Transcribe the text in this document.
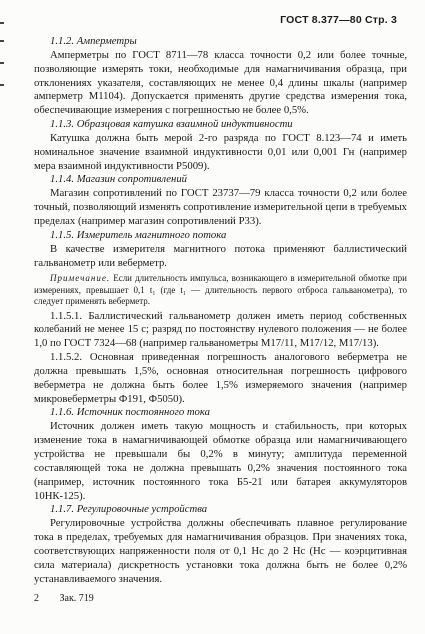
ГОСТ 8.377—80 Стр. 3

1.1.2. Амперметры

Амперметры по ГОСТ 8711—78 класса точности 0,2 или более точные, позволяющие измерять токи, необходимые для намагничивания образца, при отклонениях указателя, составляющих не менее 0,4 длины шкалы (например амперметр М1104). Допускается применять другие средства измерения тока, обеспечивающие измерения с погрешностью не более 0,5%.

1.1.3. Образцовая катушка взаимной индуктивности

Катушка должна быть мерой 2-го разряда по ГОСТ 8.123—74 и иметь номинальное значение взаимной индуктивности 0,01 или 0,001 Гн (например мера взаимной индуктивности Р5009).

1.1.4. Магазин сопротивлений

Магазин сопротивлений по ГОСТ 23737—79 класса точности 0,2 или более точный, позволяющий изменять сопротивление измерительной цепи в требуемых пределах (например магазин сопротивлений Р33).

1.1.5. Измеритель магнитного потока

В качестве измерителя магнитного потока применяют баллистический гальванометр или веберметр.

Примечание. Если длительность импульса, возникающего в измерительной обмотке при измерениях, превышает 0,1 t₁ (где t₁ — длительность первого отброса гальванометра), то следует применять веберметр.

1.1.5.1. Баллистический гальванометр должен иметь период собственных колебаний не менее 15 с; разряд по постоянству нулевого положения — не более 1,0 по ГОСТ 7324—68 (например гальванометры М17/11, М17/12, М17/13).

1.1.5.2. Основная приведенная погрешность аналогового веберметра не должна превышать 1,5%, основная относительная погрешность цифрового веберметра не должна быть более 1,5% измеряемого значения (например микровеберметры Ф191, Ф5050).

1.1.6. Источник постоянного тока

Источник должен иметь такую мощность и стабильность, при которых изменение тока в намагничивающей обмотке образца или намагничивающего устройства не превышали бы 0,2% в минуту; амплитуда переменной составляющей тока не должна превышать 0,2% значения постоянного тока (например, источник постоянного тока Б5-21 или батарея аккумуляторов 10НК-125).

1.1.7. Регулировочные устройства

Регулировочные устройства должны обеспечивать плавное регулирование тока в пределах, требуемых для намагничивания образцов. При значениях тока, соответствующих напряженности поля от 0,1 Hc до 2 Hc (Hc — коэрцитивная сила материала) дискретность установки тока должна быть не более 0,2% устанавливаемого значения.

2 Зак. 719
